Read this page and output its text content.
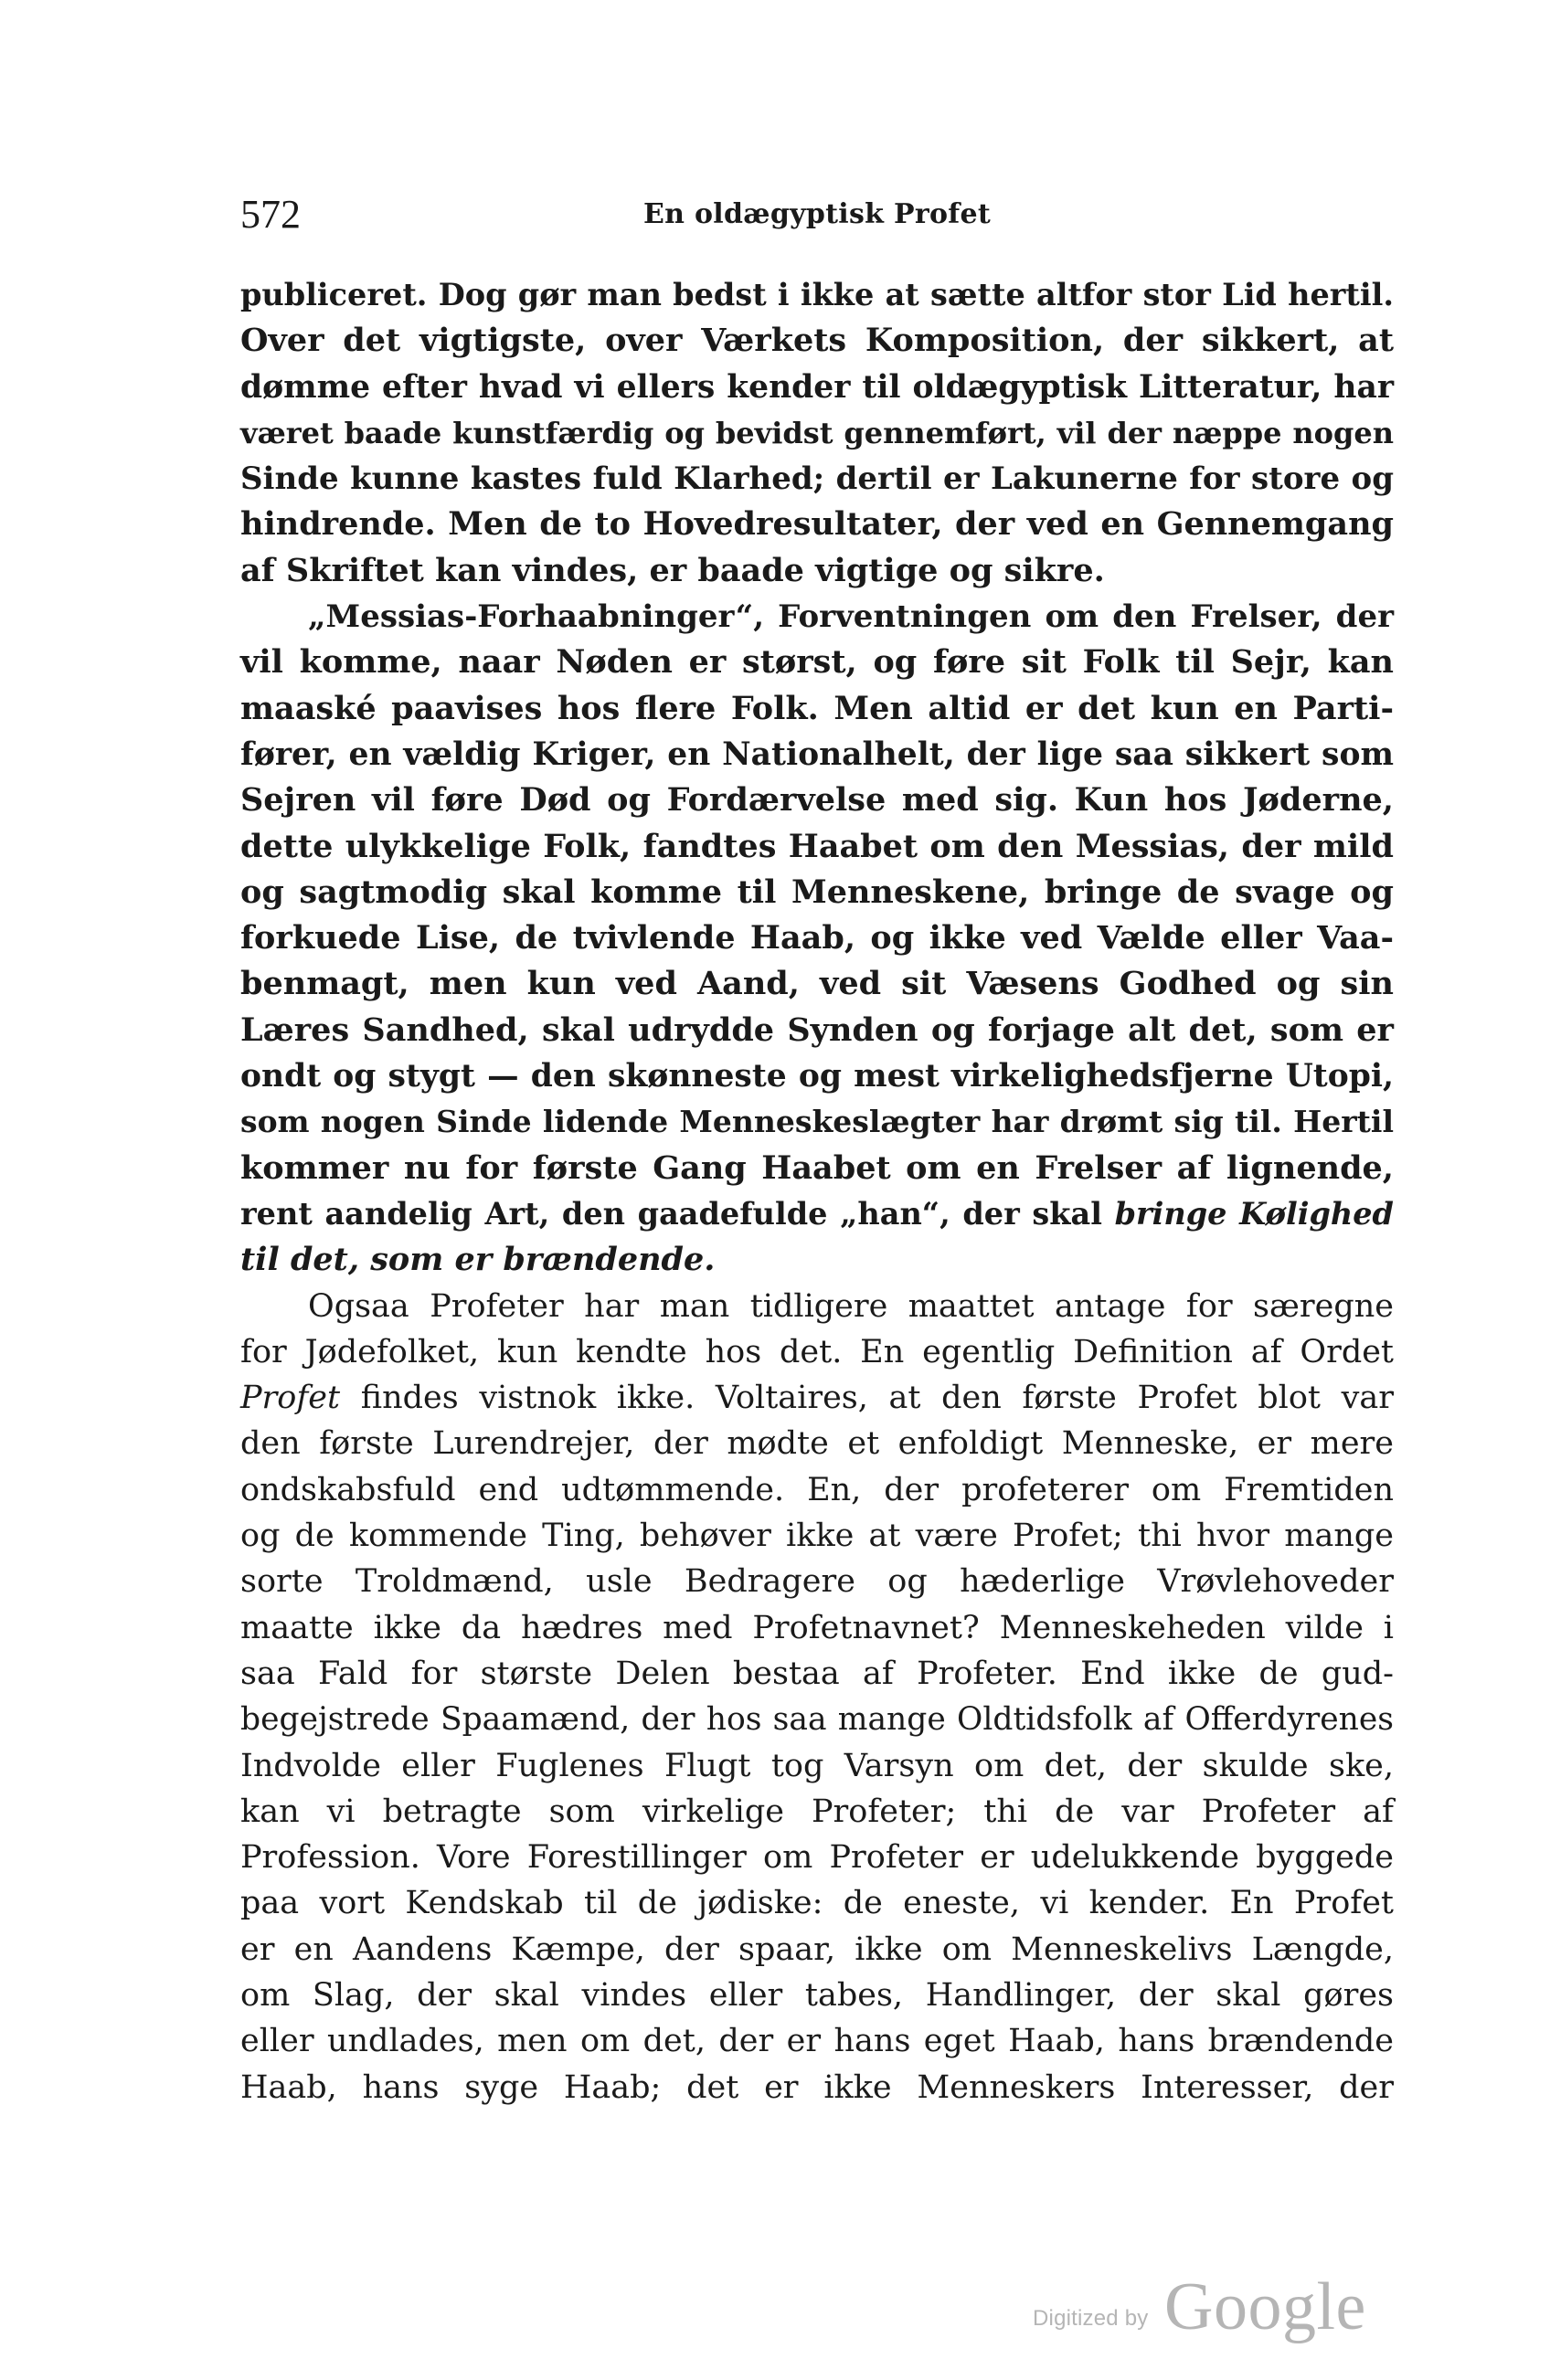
572	En oldægyptisk Profet
publiceret. Dog gør man bedst i ikke at sætte altfor stor Lid hertil.
Over det vigtigste, over Værkets Komposition, der sikkert, at
dømme efter hvad vi ellers kender til oldægyptisk Litteratur, har
været baade kunstfærdig og bevidst gennemført, vil der næppe nogen
Sinde kunne kastes fuld Klarhed; dertil er Lakunerne for store og
hindrende. Men de to Hovedresultater, der ved en Gennemgang
af Skriftet kan vindes, er baade vigtige og sikre.
„Messias-Forhaabninger“, Forventningen om den Frelser, der
vil komme, naar Nøden er størst, og føre sit Folk til Sejr, kan
maaské paavises hos flere Folk. Men altid er det kun en Parti-
fører, en vældig Kriger, en Nationalhelt, der lige saa sikkert som
Sejren vil føre Død og Fordærvelse med sig. Kun hos Jøderne,
dette ulykkelige Folk, fandtes Haabet om den Messias, der mild
og sagtmodig skal komme til Menneskene, bringe de svage og
forkuede Lise, de tvivlende Haab, og ikke ved Vælde eller Vaa-
benmagt, men kun ved Aand, ved sit Væsens Godhed og sin
Læres Sandhed, skal udrydde Synden og forjage alt det, som er
ondt og stygt — den skønneste og mest virkelighedsfjerne Utopi,
som nogen Sinde lidende Menneskeslægter har drømt sig til. Hertil
kommer nu for første Gang Haabet om en Frelser af lignende,
rent aandelig Art, den gaadefulde „han“, der skal bringe Kølighed
til det, som er brændende.
Ogsaa Profeter har man tidligere maattet antage for særegne
for Jødefolket, kun kendte hos det. En egentlig Definition af Ordet
Profet findes vistnok ikke. Voltaires, at den første Profet blot var
den første Lurendrejer, der mødte et enfoldigt Menneske, er mere
ondskabsfuld end udtømmende. En, der profeterer om Fremtiden
og de kommende Ting, behøver ikke at være Profet; thi hvor mange
sorte Troldmænd, usle Bedragere og hæderlige Vrøvlehoveder
maatte ikke da hædres med Profetnavnet? Menneskeheden vilde i
saa Fald for største Delen bestaa af Profeter. End ikke de gud-
begejstrede Spaamænd, der hos saa mange Oldtidsfolk af Offerdyrenes
Indvolde eller Fuglenes Flugt tog Varsyn om det, der skulde ske,
kan vi betragte som virkelige Profeter; thi de var Profeter af
Profession. Vore Forestillinger om Profeter er udelukkende byggede
paa vort Kendskab til de jødiske: de eneste, vi kender. En Profet
er en Aandens Kæmpe, der spaar, ikke om Menneskelivs Længde,
om Slag, der skal vindes eller tabes, Handlinger, der skal gøres
eller undlades, men om det, der er hans eget Haab, hans brændende
Haab, hans syge Haab; det er ikke Menneskers Interesser, der
Digitized by Google
